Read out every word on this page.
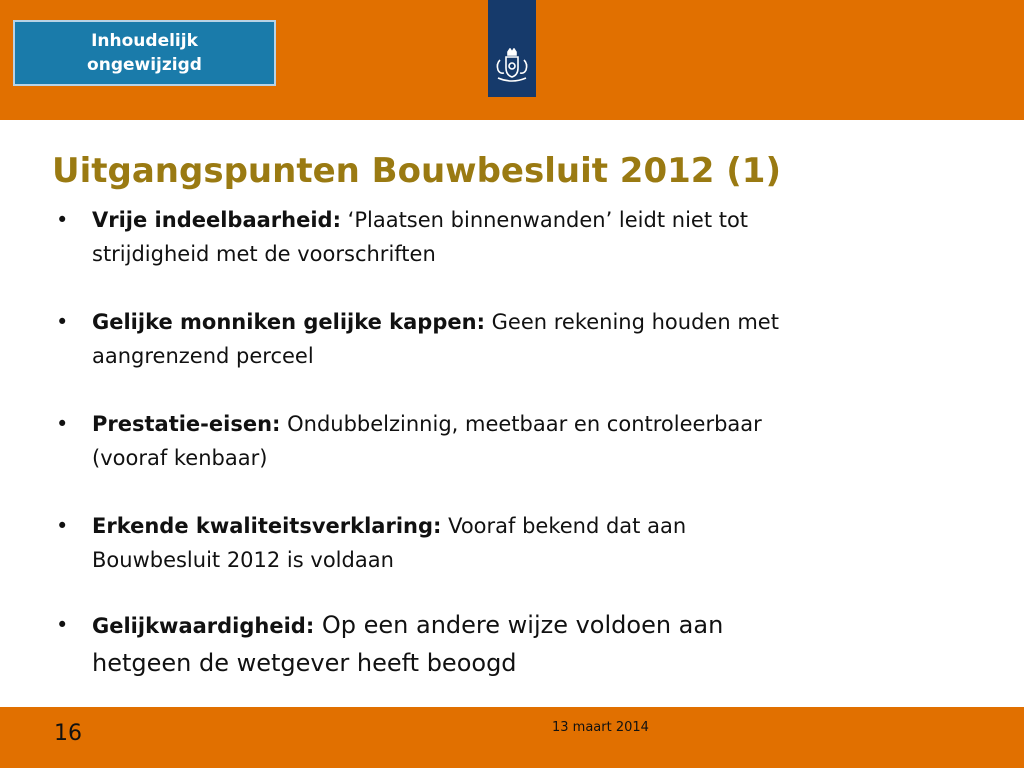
Inhoudelijk
ongewijzigd
Uitgangspunten Bouwbesluit 2012 (1)
• Vrije indeelbaarheid: ‘Plaatsen binnenwanden’ leidt niet tot
strijdigheid met de voorschriften
• Gelijke monniken gelijke kappen: Geen rekening houden met
aangrenzend perceel
• Prestatie-eisen: Ondubbelzinnig, meetbaar en controleerbaar
(vooraf kenbaar)
• Erkende kwaliteitsverklaring: Vooraf bekend dat aan
Bouwbesluit 2012 is voldaan
• Gelijkwaardigheid: Op een andere wijze voldoen aan
hetgeen de wetgever heeft beoogd
16	13 maart 2014
